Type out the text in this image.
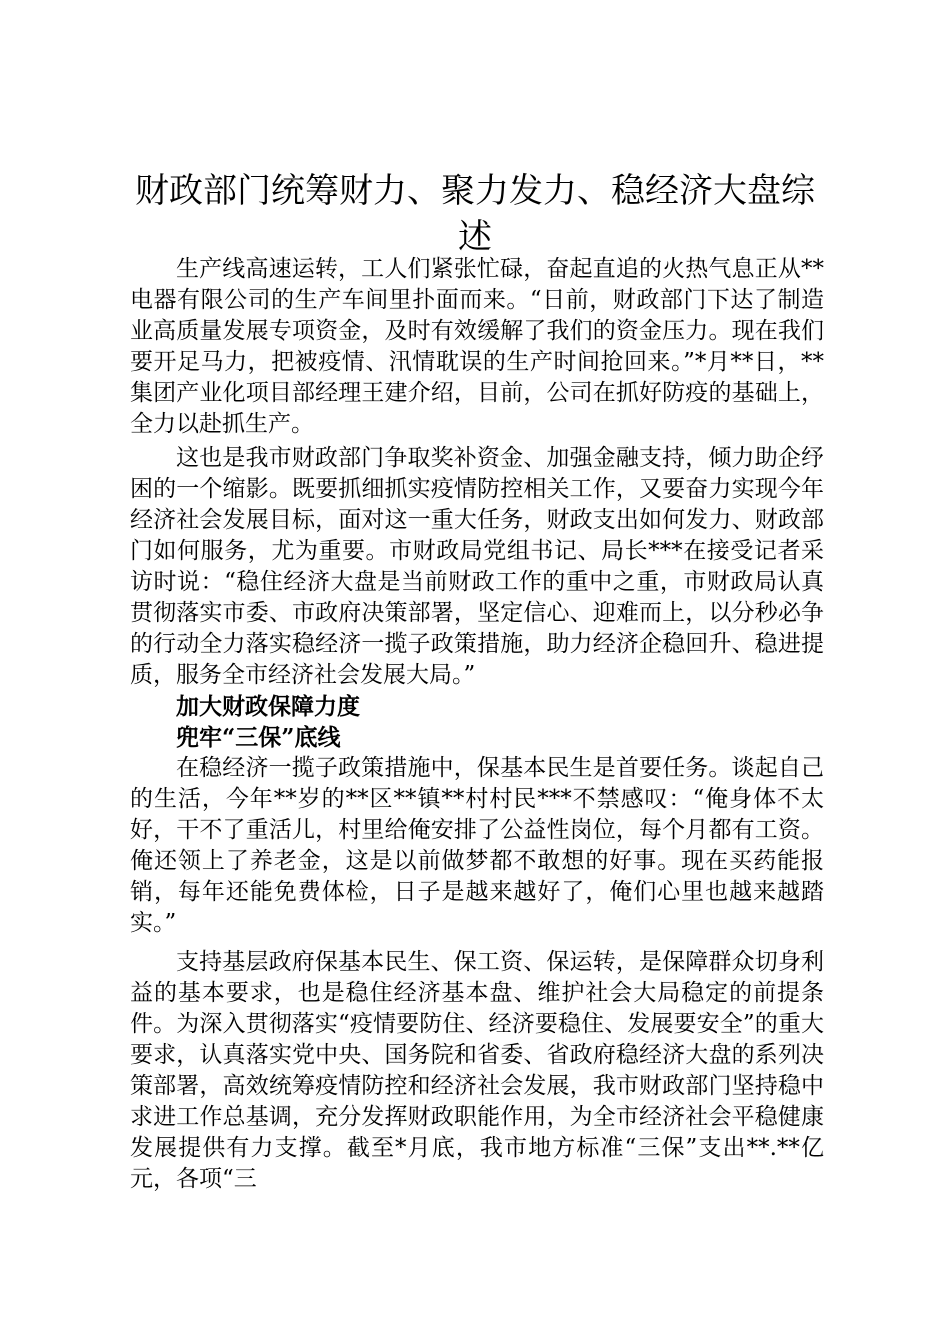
财政部门统筹财力、聚力发力、稳经济大盘综述

生产线高速运转，工人们紧张忙碌，奋起直追的火热气息正从**电器有限公司的生产车间里扑面而来。“日前，财政部门下达了制造业高质量发展专项资金，及时有效缓解了我们的资金压力。现在我们要开足马力，把被疫情、汛情耽误的生产时间抢回来。”*月**日，**集团产业化项目部经理王建介绍，目前，公司在抓好防疫的基础上，全力以赴抓生产。

这也是我市财政部门争取奖补资金、加强金融支持，倾力助企纾困的一个缩影。既要抓细抓实疫情防控相关工作，又要奋力实现今年经济社会发展目标，面对这一重大任务，财政支出如何发力、财政部门如何服务，尤为重要。市财政局党组书记、局长***在接受记者采访时说：“稳住经济大盘是当前财政工作的重中之重，市财政局认真贯彻落实市委、市政府决策部署，坚定信心、迎难而上，以分秒必争的行动全力落实稳经济一揽子政策措施，助力经济企稳回升、稳进提质，服务全市经济社会发展大局。”

加大财政保障力度

兜牢“三保”底线

在稳经济一揽子政策措施中，保基本民生是首要任务。谈起自己的生活，今年**岁的**区**镇**村村民***不禁感叹：“俺身体不太好，干不了重活儿，村里给俺安排了公益性岗位，每个月都有工资。俺还领上了养老金，这是以前做梦都不敢想的好事。现在买药能报销，每年还能免费体检，日子是越来越好了，俺们心里也越来越踏实。”

支持基层政府保基本民生、保工资、保运转，是保障群众切身利益的基本要求，也是稳住经济基本盘、维护社会大局稳定的前提条件。为深入贯彻落实“疫情要防住、经济要稳住、发展要安全”的重大要求，认真落实党中央、国务院和省委、省政府稳经济大盘的系列决策部署，高效统筹疫情防控和经济社会发展，我市财政部门坚持稳中求进工作总基调，充分发挥财政职能作用，为全市经济社会平稳健康发展提供有力支撑。截至*月底，我市地方标准“三保”支出**.**亿元，各项“三
